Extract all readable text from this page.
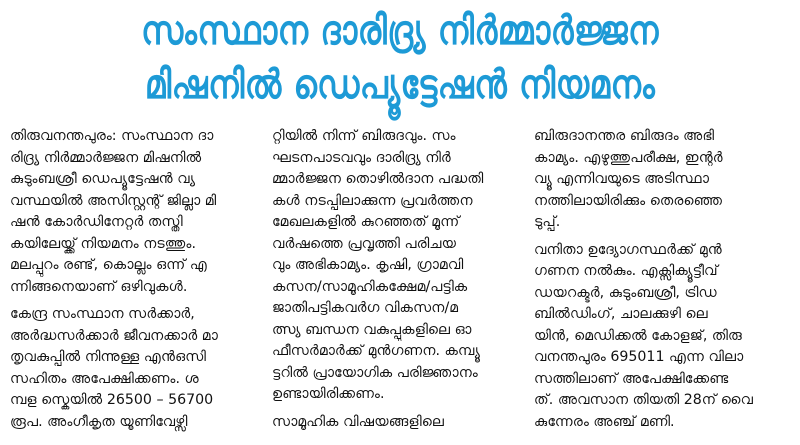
സംസ്ഥാന ദാരിദ്ര്യ നിർമ്മാർജ്ജന
മിഷനിൽ ഡെപ്യൂട്ടേഷൻ നിയമനം
തിരുവനന്തപുരം: സംസ്ഥാന ദാ
രിദ്ര്യ നിർമ്മാർജ്ജന മിഷനിൽ
കുടുംബശ്രീ ഡെപ്യൂട്ടേഷൻ വ്യ
വസ്ഥയിൽ അസിസ്റ്റന്റ് ജില്ലാ മി
ഷൻ കോർഡിനേറ്റർ തസ്തി
കയിലേയ്ക്ക് നിയമനം നടത്തും.
മലപ്പുറം രണ്ട്, കൊല്ലം ഒന്ന് എ
ന്നിങ്ങനെയാണ് ഒഴിവുകൾ.
കേന്ദ്ര സംസ്ഥാന സർക്കാർ,
അർദ്ധസർക്കാർ ജീവനക്കാർ മാ
തൃവകുപ്പിൽ നിന്നുള്ള എൻഒസി
സഹിതം അപേക്ഷിക്കണം. ശ
മ്പള സ്കെയിൽ 26500 – 56700
രൂപ. അംഗീകൃത യൂണിവേഴ്സി
റ്റിയിൽ നിന്ന് ബിരുദവും. സം
ഘടനപാടവവും ദാരിദ്ര്യ നിർ
മ്മാർജ്ജന തൊഴിൽദാന പദ്ധതി
കൾ നടപ്പിലാക്കുന്ന പ്രവർത്തന
മേഖലകളിൽ കുറഞ്ഞത് മൂന്ന്
വർഷത്തെ പ്രവൃത്തി പരിചയ
വും അഭികാമ്യം. കൃഷി, ഗ്രാമവി
കസന/സാമൂഹികക്ഷേമ/പട്ടിക
ജാതിപട്ടികവർഗ വികസന/മ
ത്സ്യ ബന്ധന വകുപ്പുകളിലെ ഓ
ഫീസർമാർക്ക് മുൻഗണന. കമ്പ്യൂ
ട്ടറിൽ പ്രായോഗിക പരിജ്ഞാനം
ഉണ്ടായിരിക്കണം.
സാമൂഹിക വിഷയങ്ങളിലെ
ബിരുദാനന്തര ബിരുദം അഭി
കാമ്യം. എഴുത്തുപരീക്ഷ, ഇന്റർ
വ്യൂ എന്നിവയുടെ അടിസ്ഥാ
നത്തിലായിരിക്കും തെരഞ്ഞെ
ടുപ്പ്.
വനിതാ ഉദ്യോഗസ്ഥർക്ക് മുൻ
ഗണന നൽകും. എക്സിക്യൂട്ടീവ്
ഡയറക്ടർ, കുടുംബശ്രീ, ട്രിഡ
ബിൽഡിംഗ്, ചാലക്കുഴി ലെ
യിൻ, മെഡിക്കൽ കോളജ്, തിരു
വനന്തപുരം 695011 എന്ന വിലാ
സത്തിലാണ് അപേക്ഷിക്കേണ്ട
ത്. അവസാന തിയതി 28ന് വൈ
കുന്നേരം അഞ്ച് മണി.
